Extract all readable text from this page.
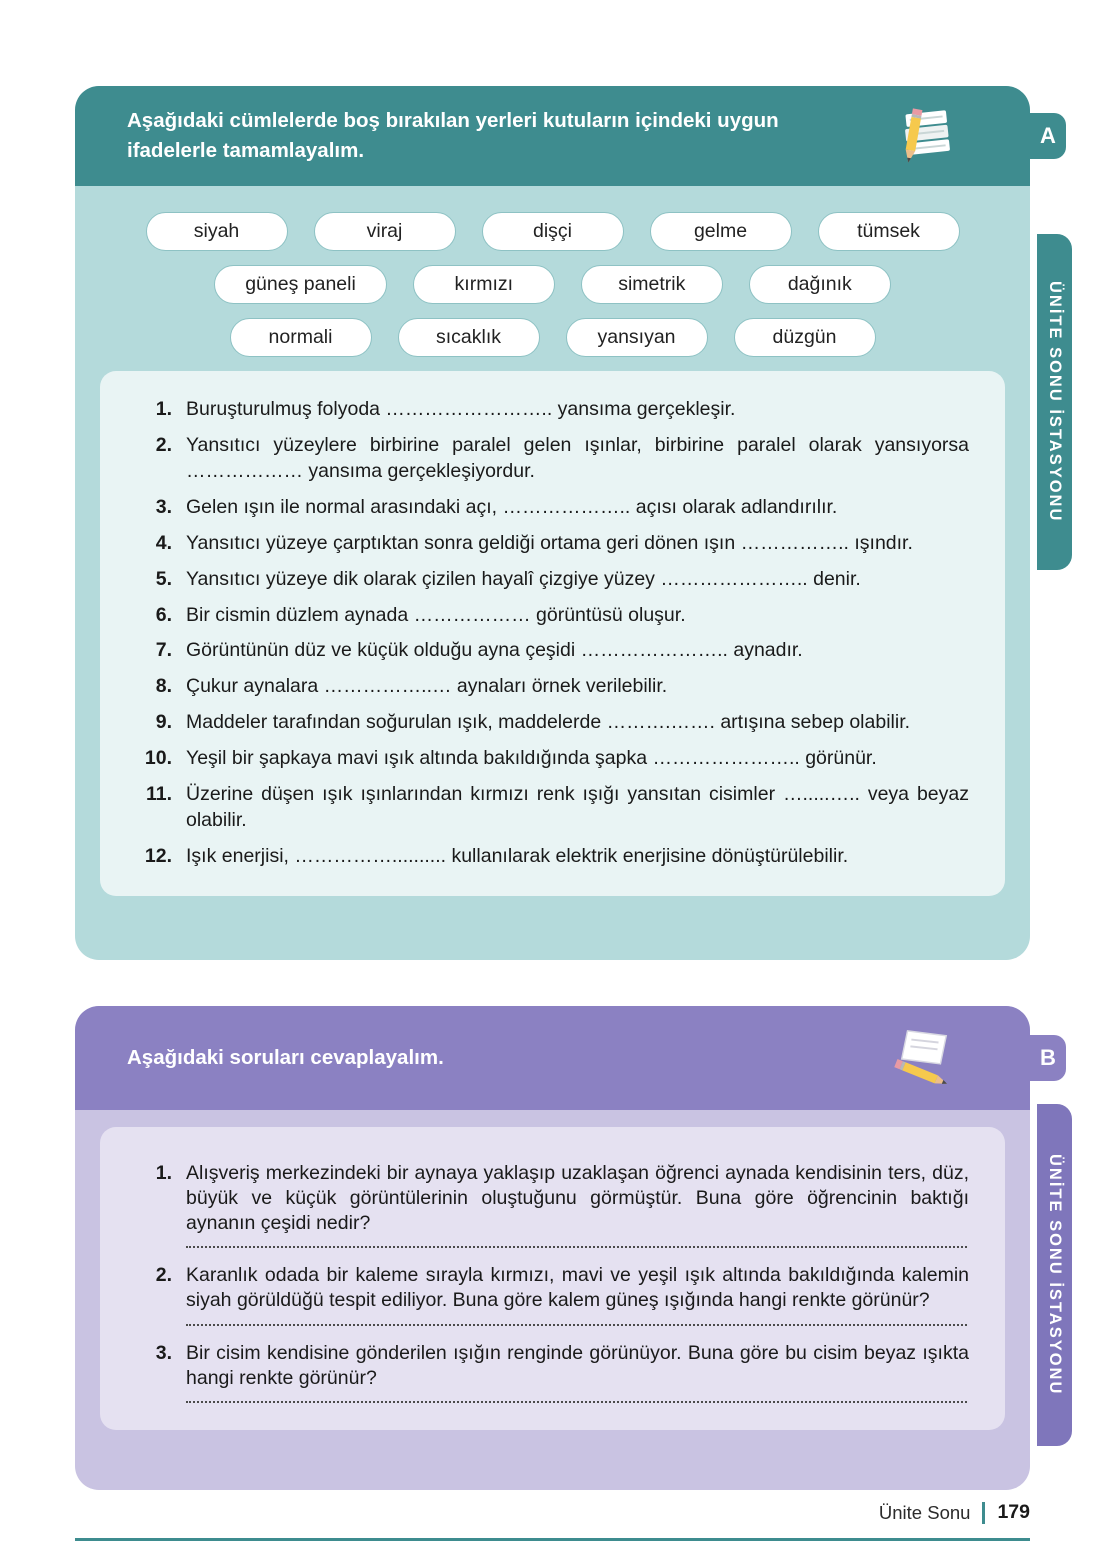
Aşağıdaki cümlelerde boş bırakılan yerleri kutuların içindeki uygun ifadelerle tamamlayalım.
A
siyah	viraj	dişçi	gelme	tümsek
güneş paneli	kırmızı	simetrik	dağınık
normali	sıcaklık	yansıyan	düzgün
1. Buruşturulmuş folyoda …………………….. yansıma gerçekleşir.
2. Yansıtıcı yüzeylere birbirine paralel gelen ışınlar, birbirine paralel olarak yansıyorsa ……………… yansıma gerçekleşiyordur.
3. Gelen ışın ile normal arasındaki açı, ……………….. açısı olarak adlandırılır.
4. Yansıtıcı yüzeye çarptıktan sonra geldiği ortama geri dönen ışın …………….. ışındır.
5. Yansıtıcı yüzeye dik olarak çizilen hayalî çizgiye yüzey ………………….. denir.
6. Bir cismin düzlem aynada ……………… görüntüsü oluşur.
7. Görüntünün düz ve küçük olduğu ayna çeşidi ………………….. aynadır.
8. Çukur aynalara ……………..… aynaları örnek verilebilir.
9. Maddeler tarafından soğurulan ışık, maddelerde ……….……. artışına sebep olabilir.
10. Yeşil bir şapkaya mavi ışık altında bakıldığında şapka ………………….. görünür.
11. Üzerine düşen ışık ışınlarından kırmızı renk ışığı yansıtan cisimler ….....….. veya beyaz olabilir.
12. Işık enerjisi, …………….......... kullanılarak elektrik enerjisine dönüştürülebilir.
ÜNİTE SONU İSTASYONU
Aşağıdaki soruları cevaplayalım.	B
1. Alışveriş merkezindeki bir aynaya yaklaşıp uzaklaşan öğrenci aynada kendisinin ters, düz, büyük ve küçük görüntülerinin oluştuğunu görmüştür. Buna göre öğrencinin baktığı aynanın çeşidi nedir?
2. Karanlık odada bir kaleme sırayla kırmızı, mavi ve yeşil ışık altında bakıldığında kalemin siyah görüldüğü tespit ediliyor. Buna göre kalem güneş ışığında hangi renkte görünür?
3. Bir cisim kendisine gönderilen ışığın renginde görünüyor. Buna göre bu cisim beyaz ışıkta hangi renkte görünür?	ÜNİTE SONU İSTASYONU
Ünite Sonu 179
